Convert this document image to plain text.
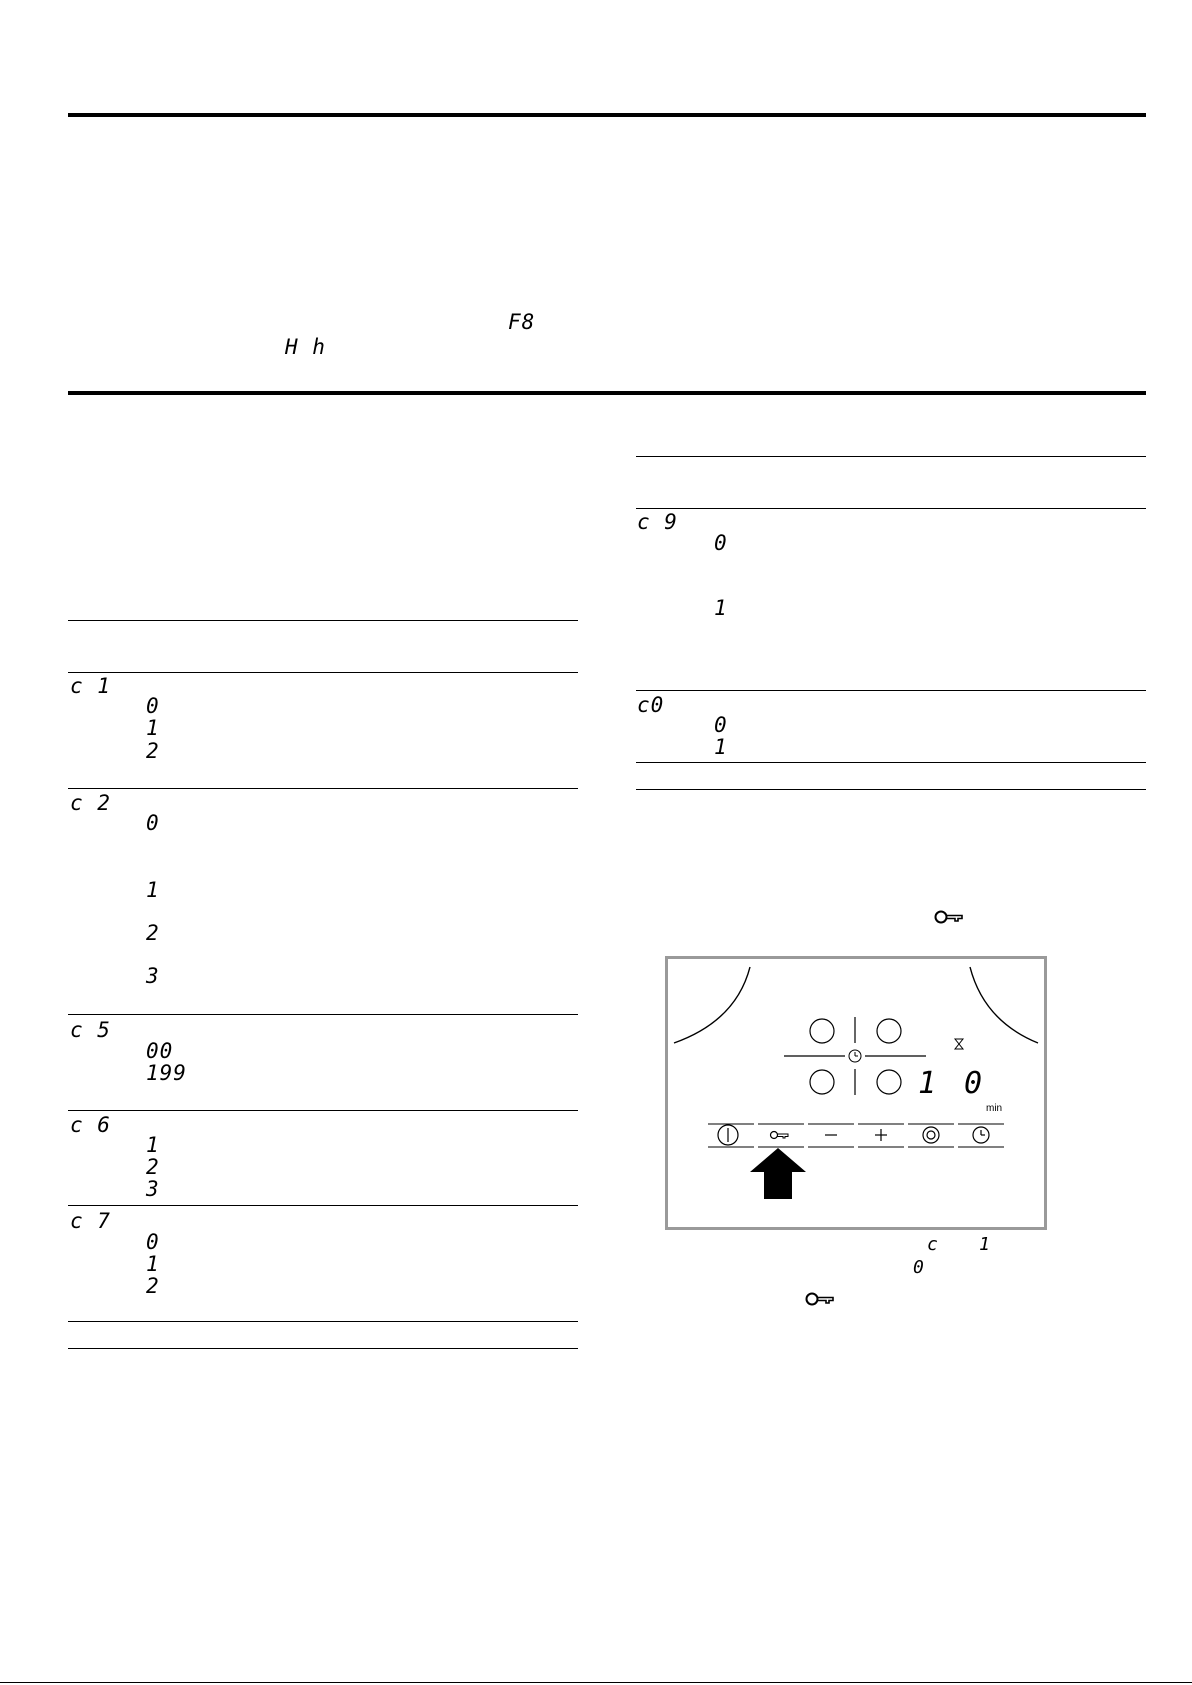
F8
H h
c 1
0
1
2
c 2
0
1
2
3
c 5
00
199
c 6
1
2
3
c 7
0
1
2
c 9
0
1
c0
0
1
1 0
min
c 1
0
